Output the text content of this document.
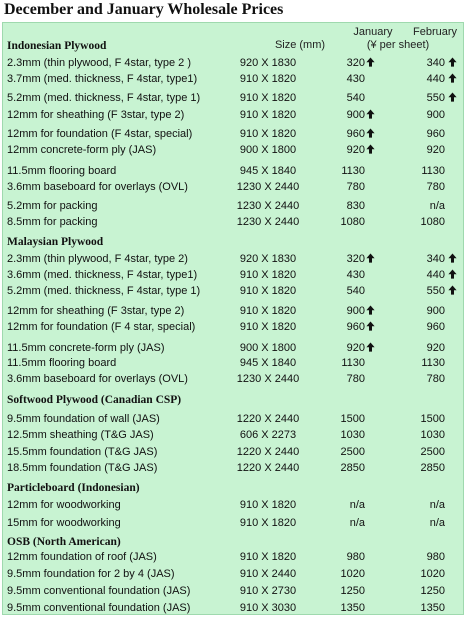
December and January Wholesale Prices
Size (mm)
January	February
(¥ per sheet)
Indonesian Plywood
2.3mm (thin plywood, F 4star, type 2 )	920 X 1830	320	340
3.7mm (med. thickness, F 4star, type1)	910 X 1820	430	440
5.2mm (med. thickness, F 4star, type 1)	910 X 1820	540	550
12mm for sheathing (F 3star, type 2)	910 X 1820	900	900
12mm for foundation (F 4star, special)	910 X 1820	960	960
12mm concrete-form ply (JAS)	900 X 1800	920	920
11.5mm flooring board	945 X 1840	1130	1130
3.6mm baseboard for overlays (OVL)	1230 X 2440	780	780
5.2mm for packing	1230 X 2440	830	n/a
8.5mm for packing	1230 X 2440	1080	1080
Malaysian Plywood
2.3mm (thin plywood, F 4star, type 2)	920 X 1830	320	340
3.6mm (med. thickness, F 4star, type1)	910 X 1820	430	440
5.2mm (med. thickness, F 4star, type 1)	910 X 1820	540	550
12mm for sheathing (F 3star, type 2)	910 X 1820	900	900
12mm for foundation (F 4 star, special)	910 X 1820	960	960
11.5mm concrete-form ply (JAS)	900 X 1800	920	920
11.5mm flooring board	945 X 1840	1130	1130
3.6mm baseboard for overlays (OVL)	1230 X 2440	780	780
Softwood Plywood (Canadian CSP)
9.5mm foundation of wall (JAS)	1220 X 2440	1500	1500
12.5mm sheathing (T&G JAS)	606 X 2273	1030	1030
15.5mm foundation (T&G JAS)	1220 X 2440	2500	2500
18.5mm foundation (T&G JAS)	1220 X 2440	2850	2850
Particleboard (Indonesian)
12mm for woodworking	910 X 1820	n/a	n/a
15mm for woodworking	910 X 1820	n/a	n/a
OSB (North American)
12mm foundation of roof (JAS)	910 X 1820	980	980
9.5mm foundation for 2 by 4 (JAS)	910 X 2440	1020	1020
9.5mm conventional foundation (JAS)	910 X 2730	1250	1250
9.5mm conventional foundation (JAS)	910 X 3030	1350	1350
